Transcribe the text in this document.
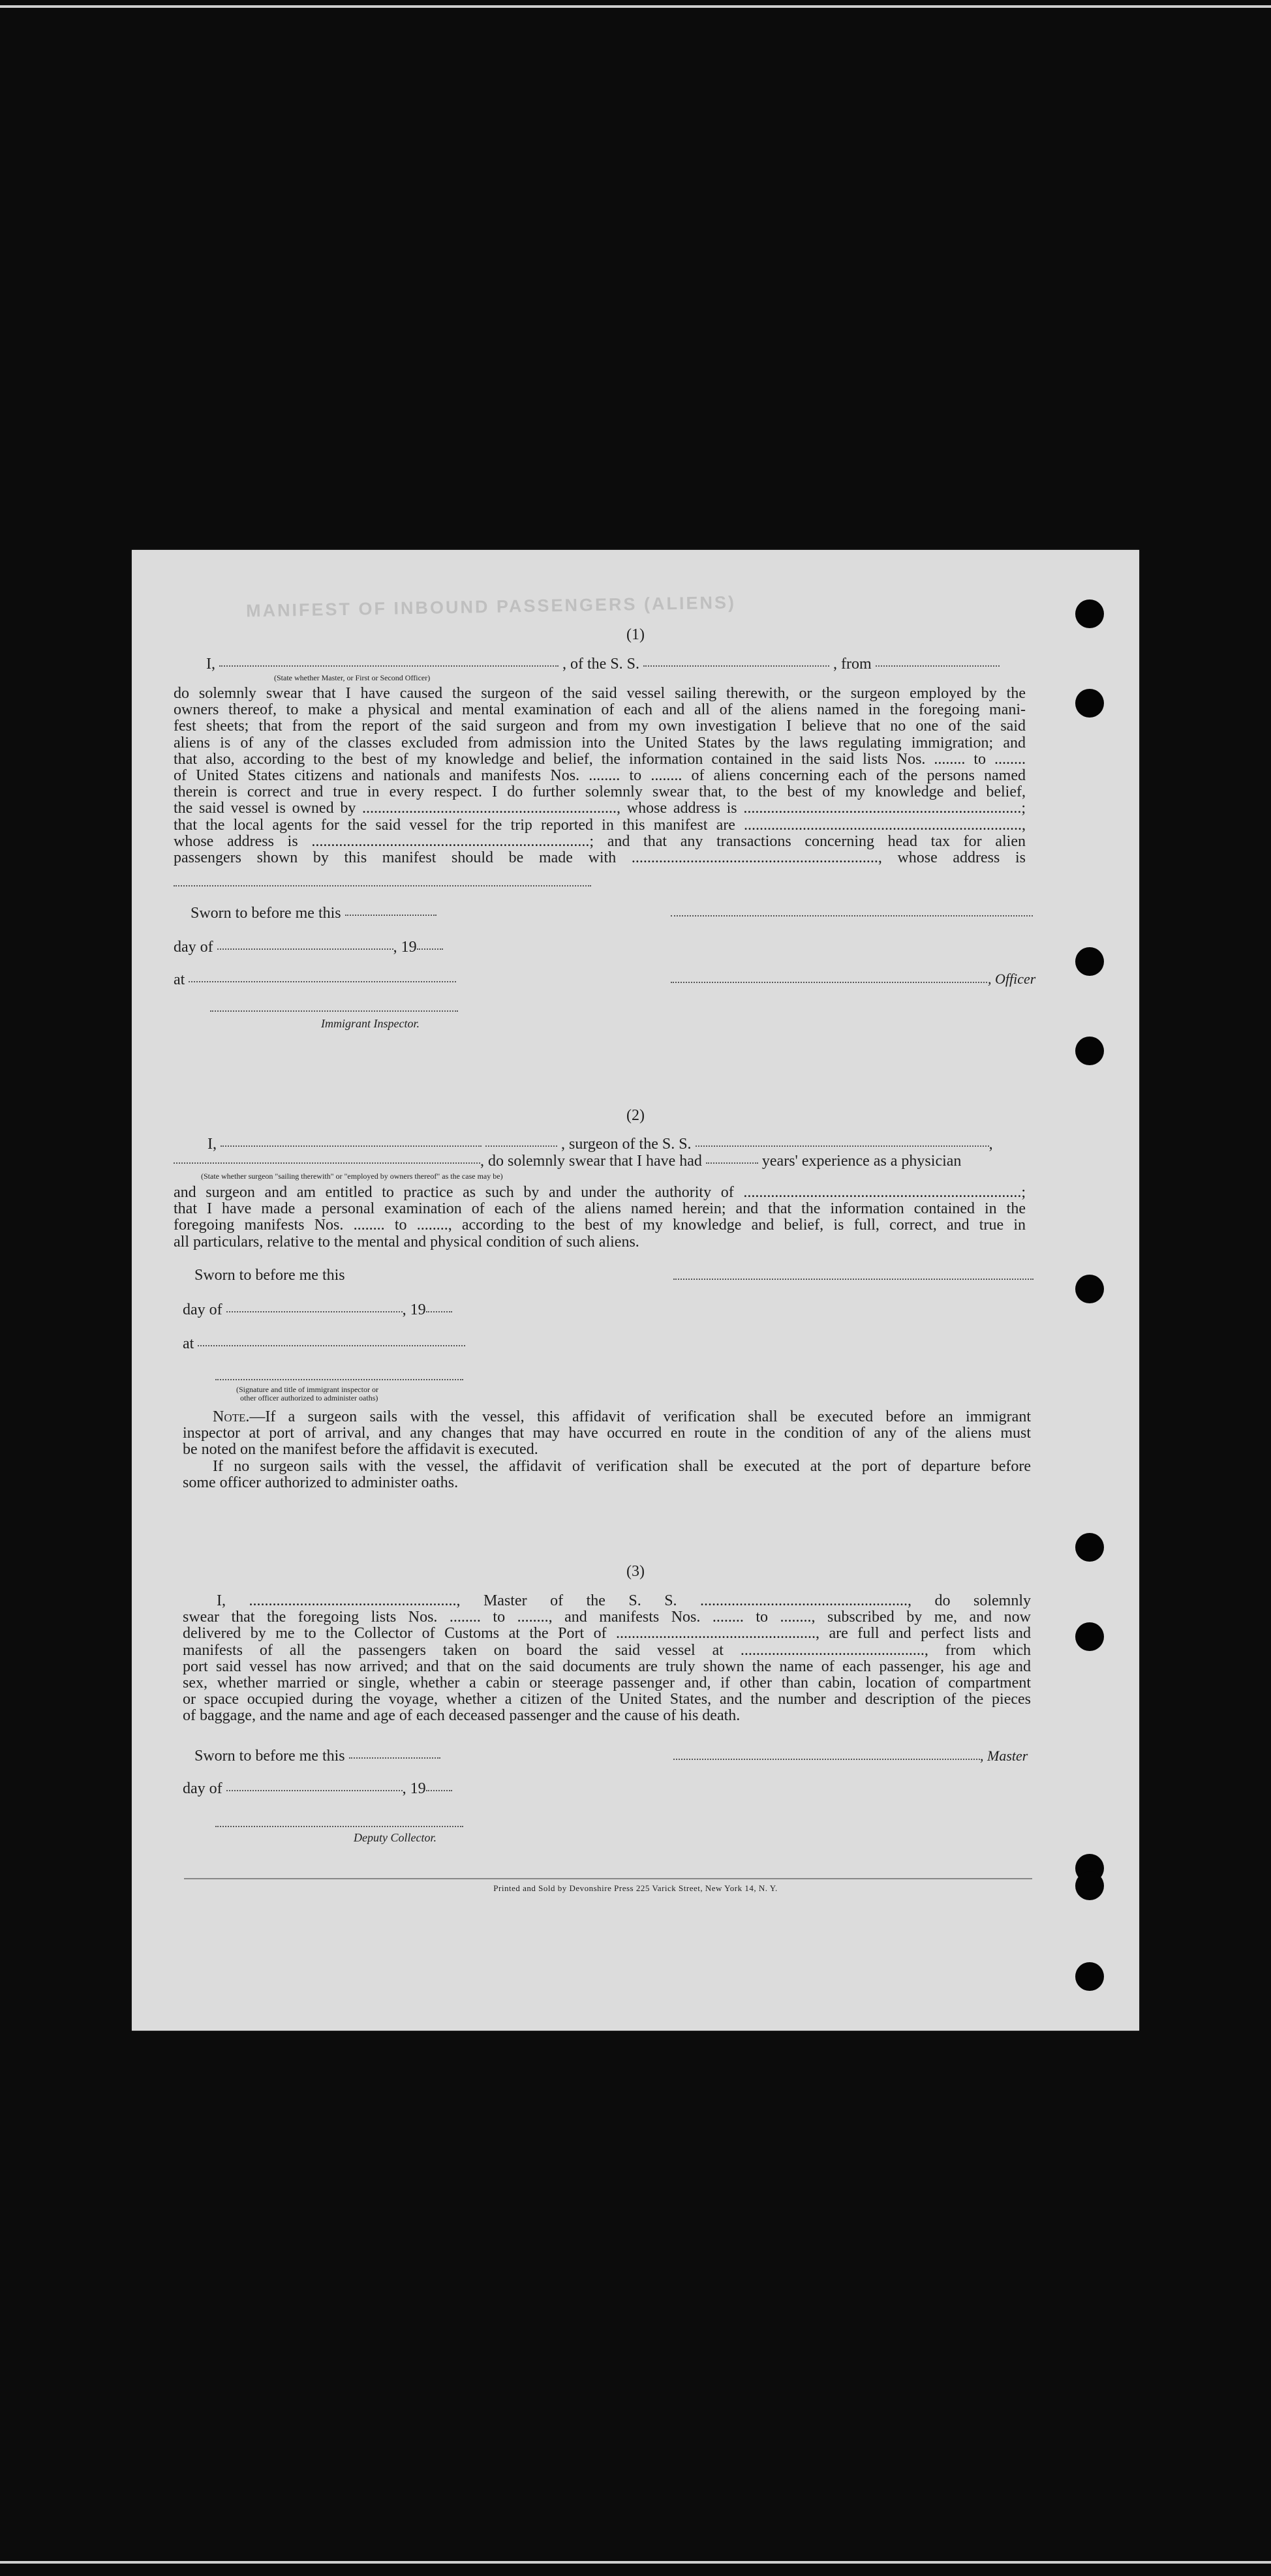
MANIFEST OF INBOUND PASSENGERS (ALIENS)
(1)
I,	, of the S. S.	, from
(State whether Master, or First or Second Officer)
do solemnly swear that I have caused the surgeon of the said vessel sailing therewith, or the surgeon employed by the
owners thereof, to make a physical and mental examination of each and all of the aliens named in the foregoing mani-
fest sheets; that from the report of the said surgeon and from my own investigation I believe that no one of the said
aliens is of any of the classes excluded from admission into the United States by the laws regulating immigration; and
that also, according to the best of my knowledge and belief, the information contained in the said lists Nos. ........ to ........
of United States citizens and nationals and manifests Nos. ........ to ........ of aliens concerning each of the persons named
therein is correct and true in every respect. I do further solemnly swear that, to the best of my knowledge and belief,
the said vessel is owned by ................................................................., whose address is .......................................................................;
that the local agents for the said vessel for the trip reported in this manifest are .......................................................................,
whose address is .......................................................................; and that any transactions concerning head tax for alien
passengers shown by this manifest should be made with ..............................................................., whose address is
Sworn to before me this
day of	, 19
at	, Officer
Immigrant Inspector.
(2)
I,	, surgeon of the S. S.	,
, do solemnly swear that I have had	years' experience as a physician
(State whether surgeon "sailing therewith" or "employed by owners thereof" as the case may be)
and surgeon and am entitled to practice as such by and under the authority of .......................................................................;
that I have made a personal examination of each of the aliens named herein; and that the information contained in the
foregoing manifests Nos. ........ to ........, according to the best of my knowledge and belief, is full, correct, and true in
all particulars, relative to the mental and physical condition of such aliens.
Sworn to before me this
day of	, 19
at
(Signature and title of immigrant inspector or
other officer authorized to administer oaths)
Note.—If a surgeon sails with the vessel, this affidavit of verification shall be executed before an immigrant
inspector at port of arrival, and any changes that may have occurred en route in the condition of any of the aliens must
be noted on the manifest before the affidavit is executed.
If no surgeon sails with the vessel, the affidavit of verification shall be executed at the port of departure before
some officer authorized to administer oaths.
(3)
I, ....................................................., Master of the S. S. ....................................................., do solemnly
swear that the foregoing lists Nos. ........ to ........, and manifests Nos. ........ to ........, subscribed by me, and now
delivered by me to the Collector of Customs at the Port of ..................................................., are full and perfect lists and
manifests of all the passengers taken on board the said vessel at ..............................................., from which
port said vessel has now arrived; and that on the said documents are truly shown the name of each passenger, his age and
sex, whether married or single, whether a cabin or steerage passenger and, if other than cabin, location of compartment
or space occupied during the voyage, whether a citizen of the United States, and the number and description of the pieces
of baggage, and the name and age of each deceased passenger and the cause of his death.
Sworn to before me this	, Master
day of	, 19
Deputy Collector.
Printed and Sold by Devonshire Press 225 Varick Street, New York 14, N. Y.
